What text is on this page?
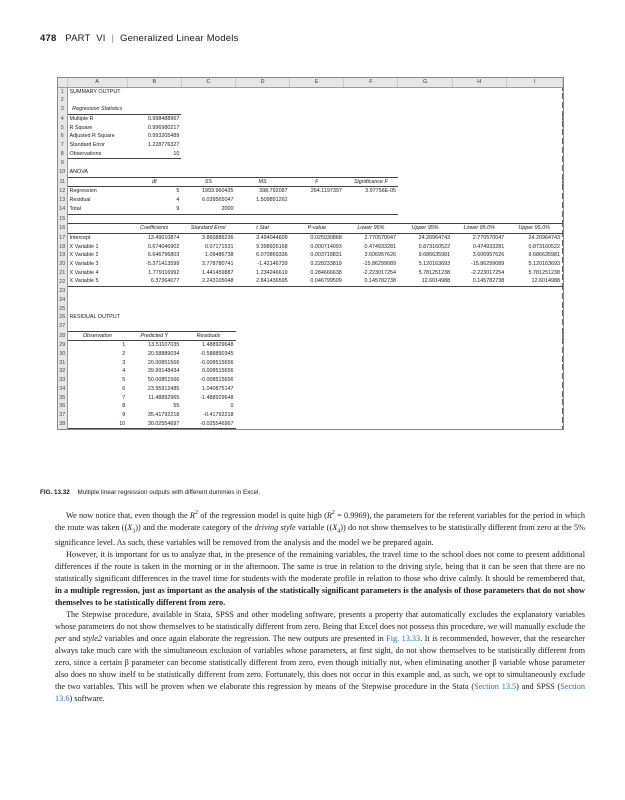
478 PART VI | Generalized Linear Models
	A	B	C	D	E	F	G	H	I
1	SUMMARY OUTPUT								
2									
3	Regression Statistics								
4	Multiple R	0.998488967							
5	R Square	0.996980217							
6	Adjusted R Square	0.993205489							
7	Standard Error	1.228776327							
8	Observations	10							
9									
10	ANOVA								
11		df	SS	MS	F	Significance F			
12	Regression	5	1993.960435	398.792087	264.1197397	3.97756E-05			
13	Residual	4	6.039565047	1.509891262					
14	Total	9	2000						
15									
16		Coefficients	Standard Error	t Stat	P-value	Lower 95%	Upper 95%	Lower 95.0%	Upper 95.0%
17	Intercept	13.49010874	3.860886236	3.494044609	0.025030868	2.770570047	24.20964743	2.770570047	24.20964743
18	X Variable 1	0.674046902	0.07171531	9.398926168	0.000714093	0.474933281	0.873160522	0.474933281	0.873160522
19	X Variable 2	6.646796803	1.09486738	6.070869336	0.003718831	3.606957626	9.686635981	3.606957626	9.686635981
20	X Variable 3	-5.371413599	3.778780741	-1.42146739	0.228233819	-15.86299089	5.120163693	-15.86299089	5.120163693
21	X Variable 4	1.779116992	1.441459887	1.234246619	0.284666638	-2.223017254	5.781251238	-2.223017254	5.781251238
22	X Variable 5	6.37364077	2.243105048	2.841436595	0.046799509	0.145782738	12.6014988	0.145782738	12.6014988
23									
24									
25									
26	RESIDUAL OUTPUT								
27									
28	Observation	Predicted Y	Residuals						
29	1	13.51107035	1.488929648						
30	2	20.58889034	-0.588890345						
31	3	20.00851566	-0.008515656						
32	4	39.99148434	0.008515656						
33	5	50.00851566	-0.008515656						
34	6	23.95912485	1.040875147						
35	7	11.48892965	-1.488929648						
36	8	55	0						
37	9	35.41792218	-0.41792218						
38	10	30.02554697	-0.025546967						
FIG. 13.32 Multiple linear regression outputs with different dummies in Excel.

We now notice that, even though the $R^2$ of the regression model is quite high $(R^2 = 0.9969)$, the parameters for the referent variables for the period in which the route was taken $((X_3))$ and the moderate category of the driving style variable $((X_4))$ do not show themselves to be statistically different from zero at the 5% significance level. As such, these variables will be removed from the analysis and the model we be prepared again.

However, it is important for us to analyze that, in the presence of the remaining variables, the travel time to the school does not come to present additional differences if the route is taken in the morning or in the afternoon. The same is true in relation to the driving style, being that it can be seen that there are no statistically significant differences in the travel time for students with the moderate profile in relation to those who drive calmly. It should be remembered that, in a multiple regression, just as important as the analysis of the statistically significant parameters is the analysis of those parameters that do not show themselves to be statistically different from zero.

The Stepwise procedure, available in Stata, SPSS and other modeling software, presents a property that automatically excludes the explanatory variables whose parameters do not show themselves to be statistically different from zero. Being that Excel does not possess this procedure, we will manually exclude the per and style2 variables and once again elaborate the regression. The new outputs are presented in Fig. 13.33. It is recommended, however, that the researcher always take much care with the simultaneous exclusion of variables whose parameters, at first sight, do not show themselves to be statistically different from zero, since a certain β parameter can become statistically different from zero, even though initially not, when eliminating another β variable whose parameter also does no show itself to be statistically different from zero. Fortunately, this does not occur in this example and, as such, we opt to simultaneously exclude the two variables. This will be proven when we elaborate this regression by means of the Stepwise procedure in the Stata (Section 13.5) and SPSS (Section 13.6) software.
